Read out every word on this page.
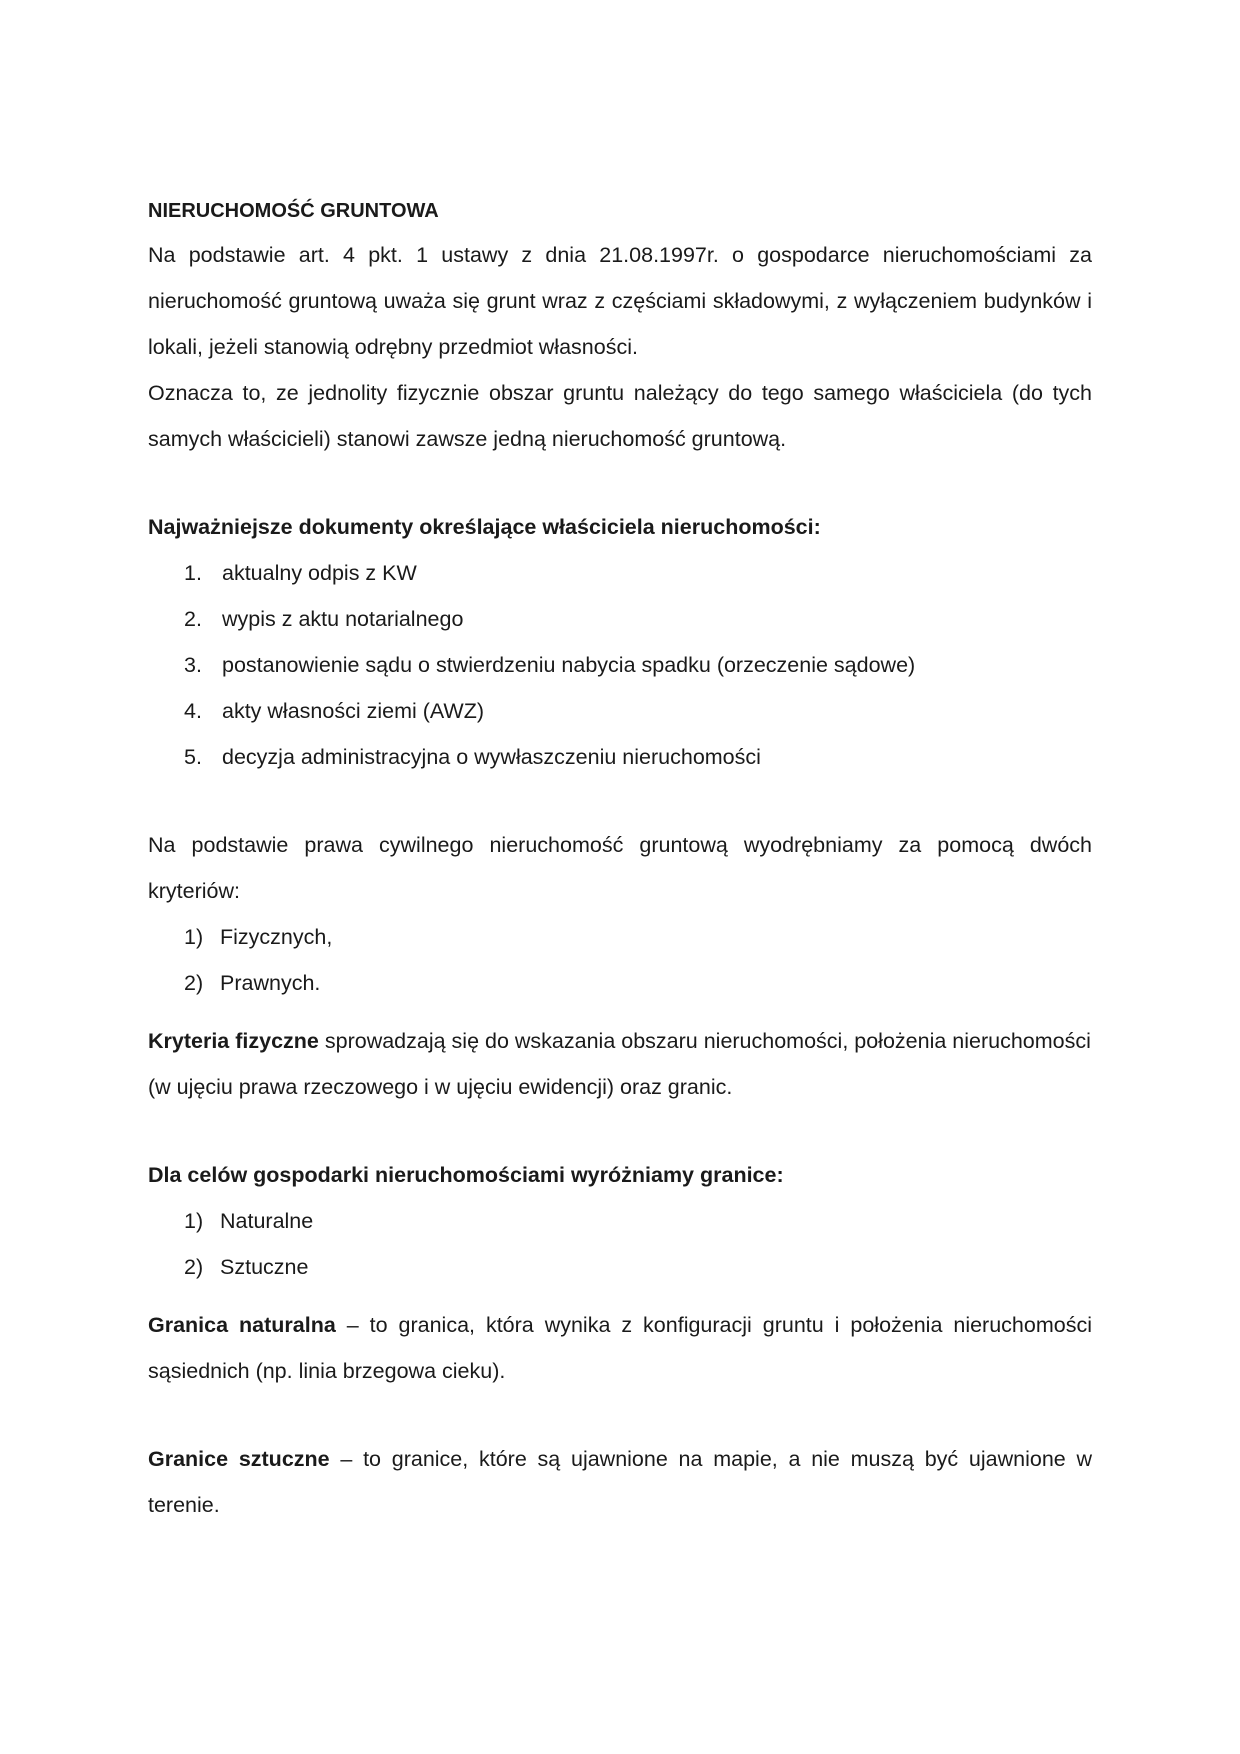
NIERUCHOMOŚĆ GRUNTOWA

Na podstawie art. 4 pkt. 1 ustawy z dnia 21.08.1997r. o gospodarce nieruchomościami za nieruchomość gruntową uważa się grunt wraz z częściami składowymi, z wyłączeniem budynków i lokali, jeżeli stanowią odrębny przedmiot własności.

Oznacza to, ze jednolity fizycznie obszar gruntu należący do tego samego właściciela (do tych samych właścicieli) stanowi zawsze jedną nieruchomość gruntową.

Najważniejsze dokumenty określające właściciela nieruchomości:

1. aktualny odpis z KW
2. wypis z aktu notarialnego
3. postanowienie sądu o stwierdzeniu nabycia spadku (orzeczenie sądowe)
4. akty własności ziemi (AWZ)
5. decyzja administracyjna o wywłaszczeniu nieruchomości

Na podstawie prawa cywilnego nieruchomość gruntową wyodrębniamy za pomocą dwóch kryteriów:

1) Fizycznych,
2) Prawnych.

Kryteria fizyczne sprowadzają się do wskazania obszaru nieruchomości, położenia nieruchomości

(w ujęciu prawa rzeczowego i w ujęciu ewidencji) oraz granic.

Dla celów gospodarki nieruchomościami wyróżniamy granice:

1) Naturalne
2) Sztuczne

Granica naturalna – to granica, która wynika z konfiguracji gruntu i położenia nieruchomości sąsiednich (np. linia brzegowa cieku).

Granice sztuczne – to granice, które są ujawnione na mapie, a nie muszą być ujawnione w terenie.
